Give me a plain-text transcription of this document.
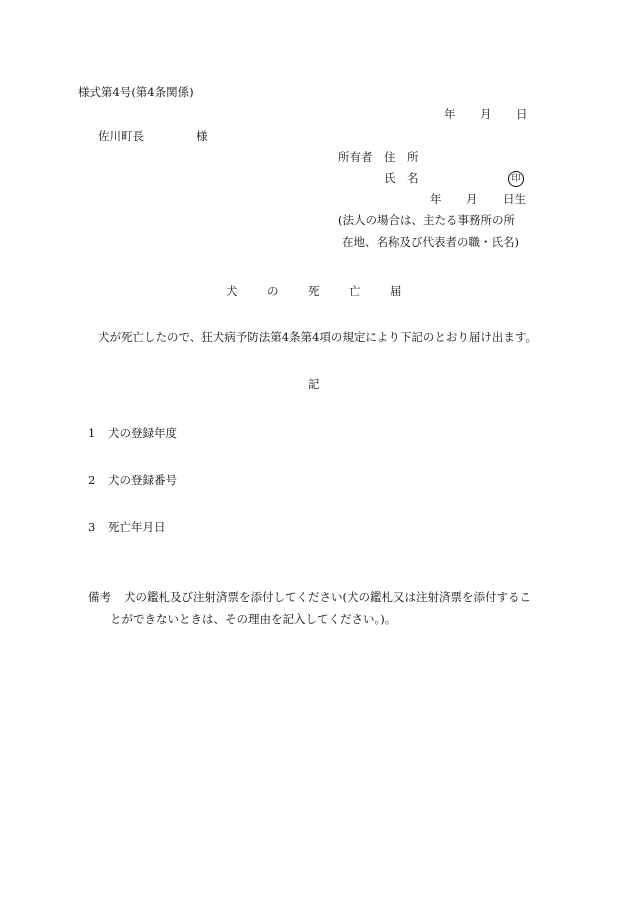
様式第4号(第4条関係)

年 月 日

佐川町長	様

所有者 住　所

氏　名	印
年 月 日生

(法人の場合は、主たる事務所の所

在地、名称及び代表者の職・氏名)

犬	の	死	亡	届

犬が死亡したので、狂犬病予防法第4条第4項の規定により下記のとおり届け出ます。

記

1 犬の登録年度

2 犬の登録番号

3 死亡年月日

備考 犬の鑑札及び注射済票を添付してください(犬の鑑札又は注射済票を添付するこ

とができないときは、その理由を記入してください。)。
